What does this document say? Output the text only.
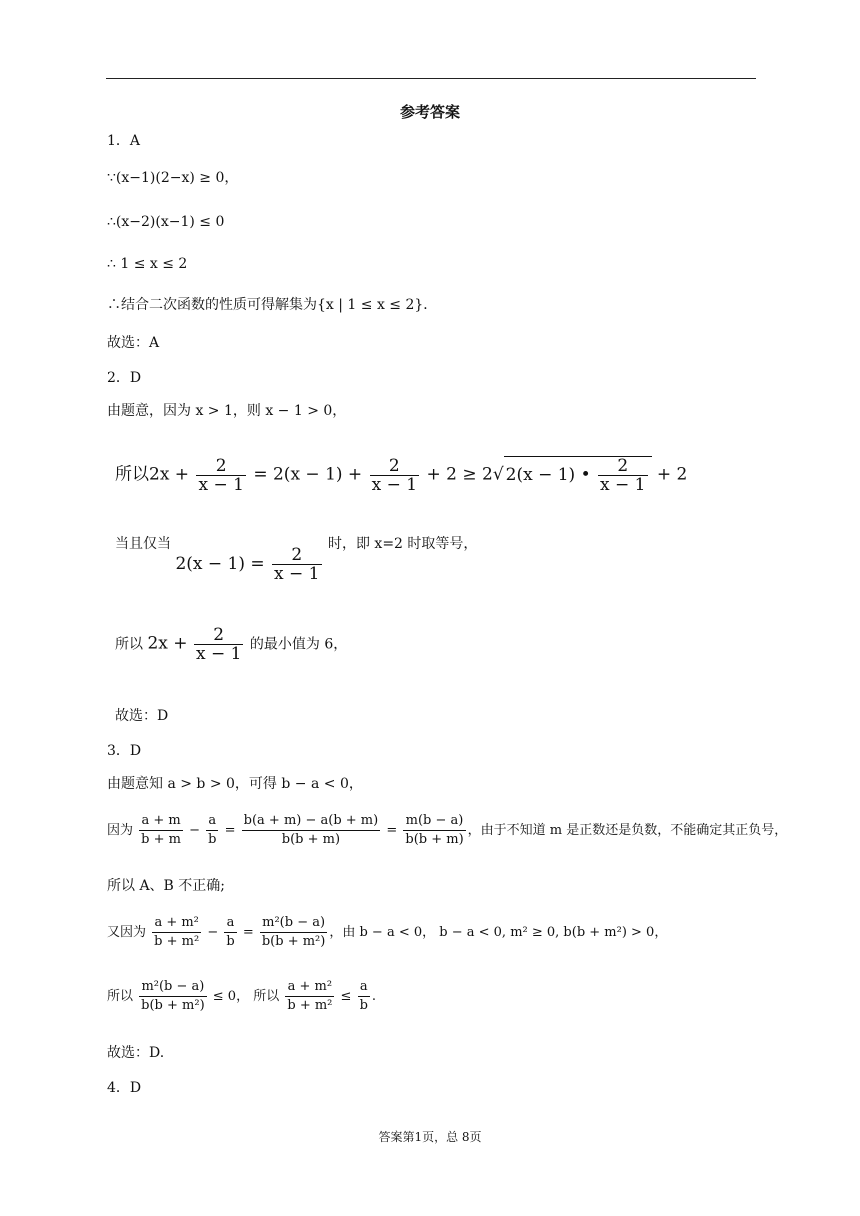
参考答案
1．A
∵(x−1)(2−x) ≥ 0，
∴(x−2)(x−1) ≤ 0
∴ 1 ≤ x ≤ 2
∴结合二次函数的性质可得解集为{x | 1 ≤ x ≤ 2}．
故选：A
2．D
由题意，因为 x > 1，则 x − 1 > 0，
所以$2x + \frac{2}{x - 1} = 2(x - 1) + \frac{2}{x - 1} + 2 \ge 2√$ 2(x − 1) • $\frac{2}{x - 1} + 2$
当且仅当 $2(x - 1) = \frac{2}{x - 1}$
时，即 x=2 时取等号，
所以 $2x + \frac{2}{x - 1}$ 的最小值为 6，
故选：D
3．D
由题意知 a > b > 0，可得 b − a < 0，
因为 $\frac{a + m}{b + m} - \frac{a}{b} = \frac{b(a + m) - a(b + m)}{b(b + m)} = \frac{m(b - a)}{b(b + m)}$ ，由于不知道 m 是正数还是负数，不能确定其正负号，
所以 A、B 不正确;
又因为 $\frac{\text{a + m²}}{\text{b + m²}} - \frac{a}{b} = \frac{\text{m²(b − a)}}{\text{b(b + m²)}}$ ，由 b − a < 0， b − a < 0, m² ≥ 0, b(b + m²) > 0，
所以 $\frac{\text{m²(b − a)}}{\text{b(b + m²)}} \le 0$， 所以 $\frac{\text{a + m²}}{\text{b + m²}} \le \frac{a}{b}$ .
故选：D.
4．D
答案第1页，总 8页
